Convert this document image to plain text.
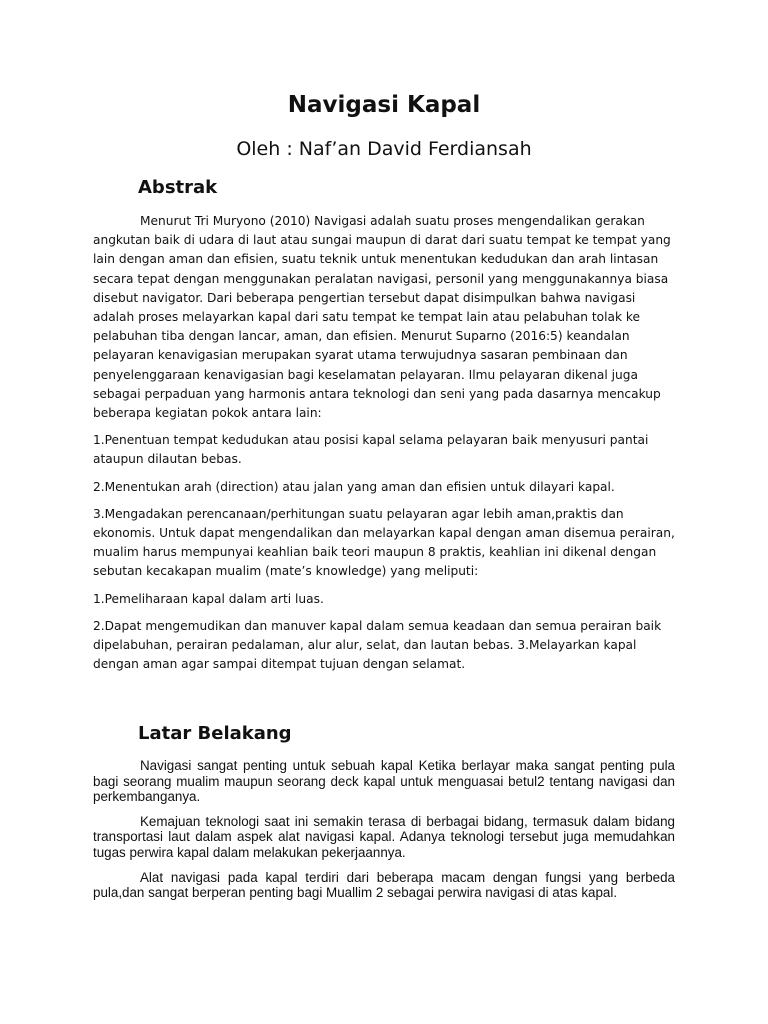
Navigasi Kapal
Oleh : Naf’an David Ferdiansah
Abstrak

Menurut Tri Muryono (2010) Navigasi adalah suatu proses mengendalikan gerakan angkutan baik di udara di laut atau sungai maupun di darat dari suatu tempat ke tempat yang lain dengan aman dan efisien, suatu teknik untuk menentukan kedudukan dan arah lintasan secara tepat dengan menggunakan peralatan navigasi, personil yang menggunakannya biasa disebut navigator. Dari beberapa pengertian tersebut dapat disimpulkan bahwa navigasi adalah proses melayarkan kapal dari satu tempat ke tempat lain atau pelabuhan tolak ke pelabuhan tiba dengan lancar, aman, dan efisien. Menurut Suparno (2016:5) keandalan pelayaran kenavigasian merupakan syarat utama terwujudnya sasaran pembinaan dan penyelenggaraan kenavigasian bagi keselamatan pelayaran. Ilmu pelayaran dikenal juga sebagai perpaduan yang harmonis antara teknologi dan seni yang pada dasarnya mencakup beberapa kegiatan pokok antara lain:

1.Penentuan tempat kedudukan atau posisi kapal selama pelayaran baik menyusuri pantai ataupun dilautan bebas.

2.Menentukan arah (direction) atau jalan yang aman dan efisien untuk dilayari kapal.

3.Mengadakan perencanaan/perhitungan suatu pelayaran agar lebih aman,praktis dan ekonomis. Untuk dapat mengendalikan dan melayarkan kapal dengan aman disemua perairan, mualim harus mempunyai keahlian baik teori maupun 8 praktis, keahlian ini dikenal dengan sebutan kecakapan mualim (mate’s knowledge) yang meliputi:

1.Pemeliharaan kapal dalam arti luas.

2.Dapat mengemudikan dan manuver kapal dalam semua keadaan dan semua perairan baik dipelabuhan, perairan pedalaman, alur alur, selat, dan lautan bebas. 3.Melayarkan kapal dengan aman agar sampai ditempat tujuan dengan selamat.

Latar Belakang

Navigasi sangat penting untuk sebuah kapal Ketika berlayar maka sangat penting pula bagi seorang mualim maupun seorang deck kapal untuk menguasai betul2 tentang navigasi dan perkembanganya.

Kemajuan teknologi saat ini semakin terasa di berbagai bidang, termasuk dalam bidang transportasi laut dalam aspek alat navigasi kapal. Adanya teknologi tersebut juga memudahkan tugas perwira kapal dalam melakukan pekerjaannya.

Alat navigasi pada kapal terdiri dari beberapa macam dengan fungsi yang berbeda pula,dan sangat berperan penting bagi Muallim 2 sebagai perwira navigasi di atas kapal.
